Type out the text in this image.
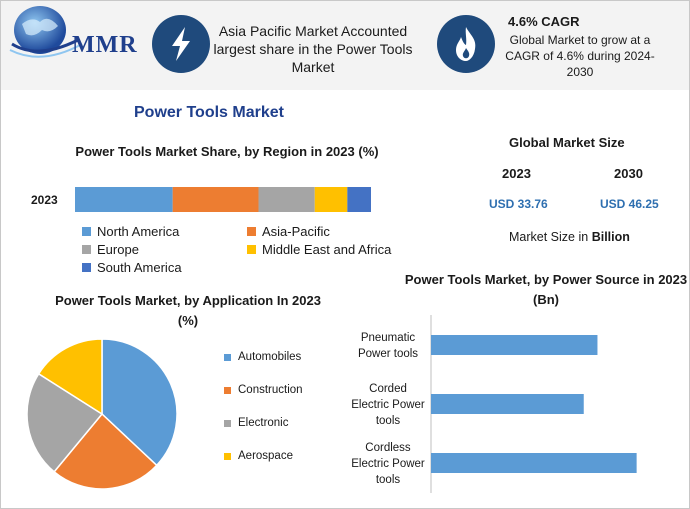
MMR
Asia Pacific Market Accounted largest share in the Power Tools Market
4.6% CAGR
Global Market to grow at a CAGR of 4.6% during 2024-2030
Power Tools Market
Power Tools Market Share, by Region in 2023 (%)
2023
North America	Asia-Pacific
Europe	Middle East and Africa
South America
Global Market Size
2023	2030
USD 33.76	USD 46.25
Market Size in Billion
Power Tools Market, by Application In 2023 (%)
Automobiles
Construction
Electronic
Aerospace
Power Tools Market, by Power Source in 2023 (Bn)
Pneumatic
Power tools
Corded
Electric Power
tools
Cordless
Electric Power
tools
